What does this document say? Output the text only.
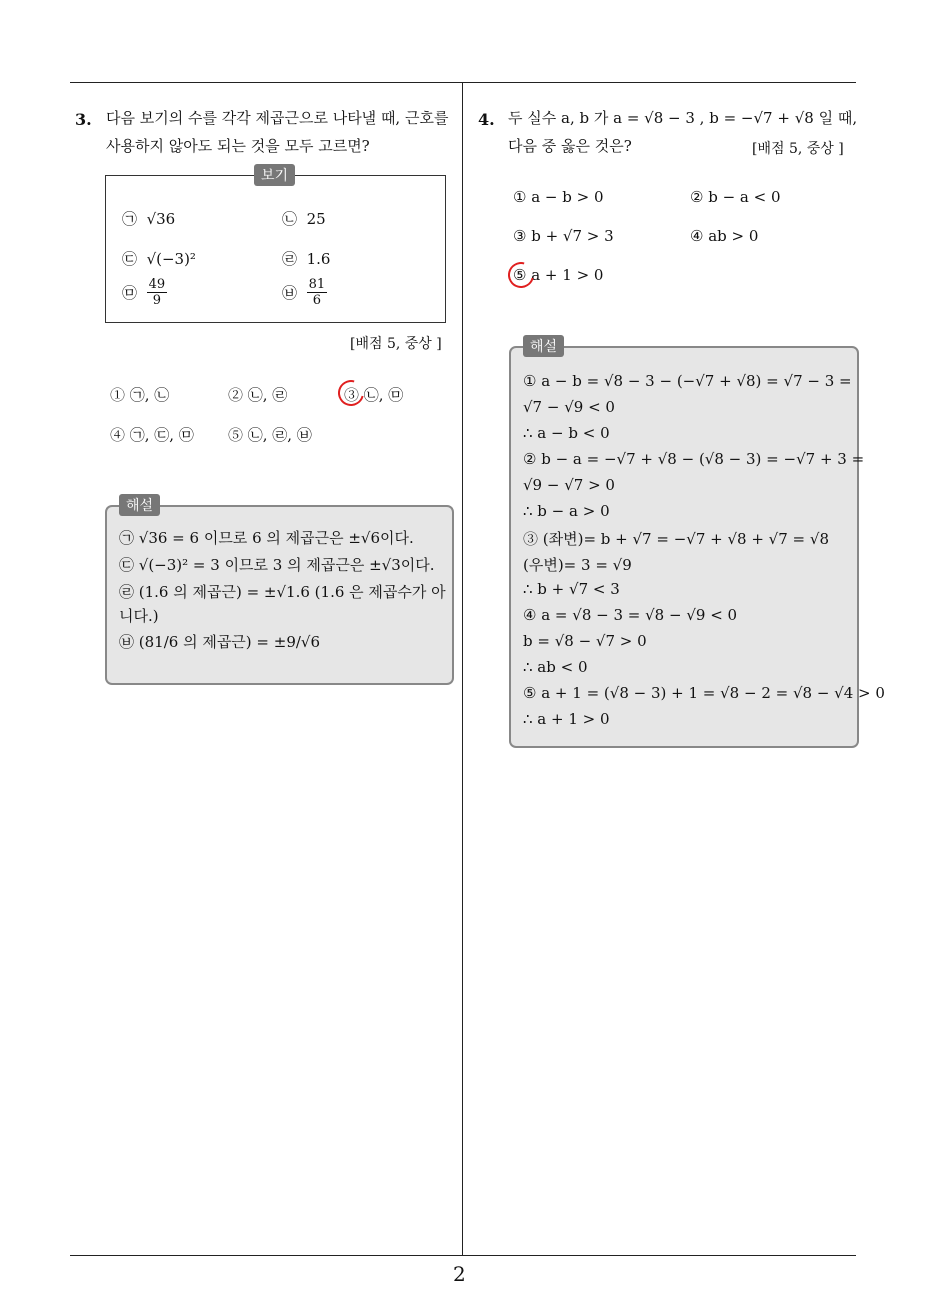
3. 다음 보기의 수를 각각 제곱근으로 나타낼 때, 근호를
사용하지 않아도 되는 것을 모두 고르면?
보기
㉠ √36	㉡ 25
㉢ √(−3)²	㉣ 1.6
㉤ $\frac{49}{9}$	㉥ $\frac{81}{6}$
[배점 5, 중상 ]
① ㉠, ㉡	② ㉡, ㉣	③ ㉡, ㉤
④ ㉠, ㉢, ㉤ ⑤ ㉡, ㉣, ㉥
해설
㉠ √36 = 6 이므로 6 의 제곱근은 ±√6이다.
㉢ √(−3)² = 3 이므로 3 의 제곱근은 ±√3이다.
㉣ (1.6 의 제곱근) = ±√1.6 (1.6 은 제곱수가 아
니다.)
㉥ (81/6 의 제곱근) = ±9/√6
4. 두 실수 a, b 가 a = √8 − 3 , b = −√7 + √8 일 때,
다음 중 옳은 것은?	[배점 5, 중상 ]
① a − b > 0	② b − a < 0
③ b + √7 > 3	④ ab > 0
⑤ a + 1 > 0
해설
① a − b = √8 − 3 − (−√7 + √8) = √7 − 3 =
√7 − √9 < 0
∴ a − b < 0
② b − a = −√7 + √8 − (√8 − 3) = −√7 + 3 =
√9 − √7 > 0
∴ b − a > 0
③ (좌변)= b + √7 = −√7 + √8 + √7 = √8
(우변)= 3 = √9
∴ b + √7 < 3
④ a = √8 − 3 = √8 − √9 < 0
b = √8 − √7 > 0
∴ ab < 0
⑤ a + 1 = (√8 − 3) + 1 = √8 − 2 = √8 − √4 > 0
∴ a + 1 > 0
2
